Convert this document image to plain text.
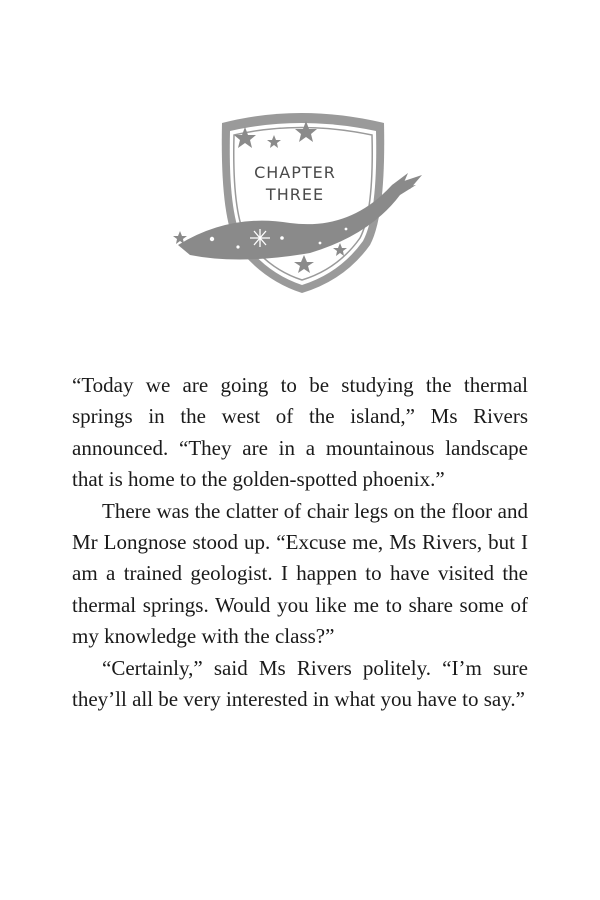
CHAPTER
THREE

“Today we are going to be studying the thermal springs in the west of the island,” Ms Rivers announced. “They are in a mountainous landscape that is home to the golden-spotted phoenix.”

There was the clatter of chair legs on the floor and Mr Longnose stood up. “Excuse me, Ms Rivers, but I am a trained geologist. I happen to have visited the thermal springs. Would you like me to share some of my knowledge with the class?”

“Certainly,” said Ms Rivers politely. “I’m sure they’ll all be very interested in what you have to say.”
